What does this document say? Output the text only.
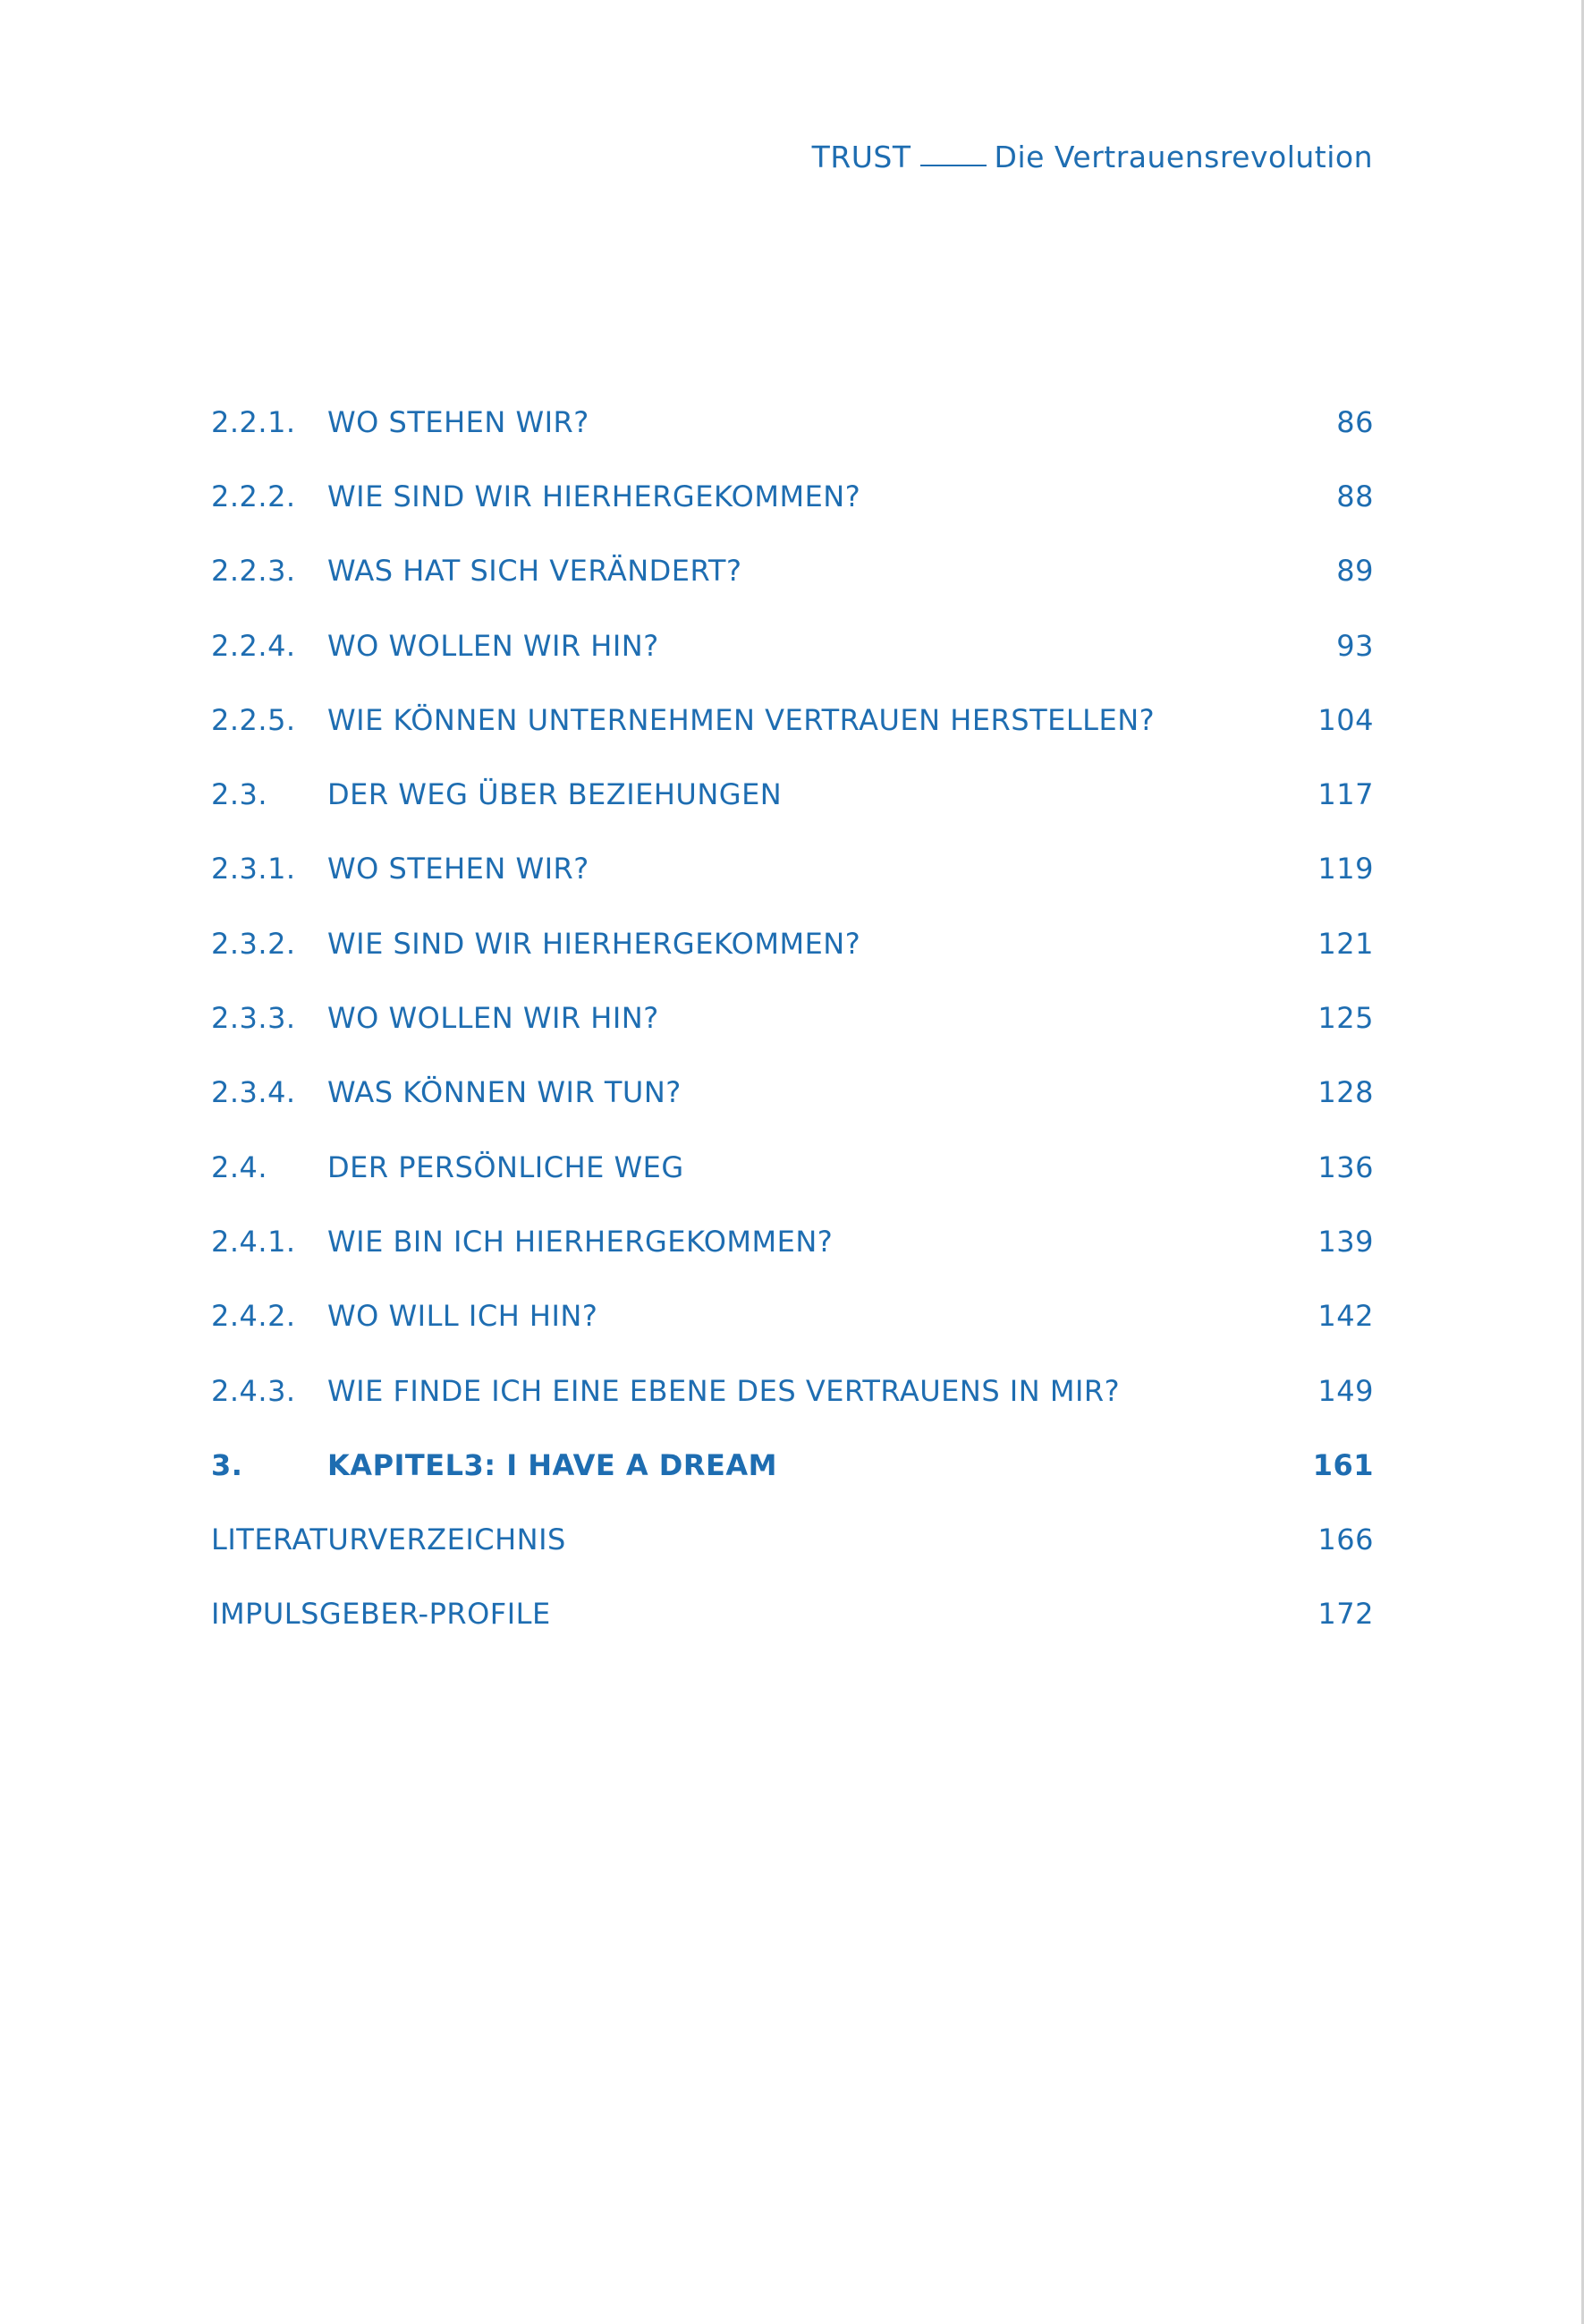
TRUST	Die Vertrauensrevolution
2.2.1.	WO STEHEN WIR?	86
2.2.2.	WIE SIND WIR HIERHERGEKOMMEN?	88
2.2.3.	WAS HAT SICH VERÄNDERT?	89
2.2.4.	WO WOLLEN WIR HIN?	93
2.2.5.	WIE KÖNNEN UNTERNEHMEN VERTRAUEN HERSTELLEN?	104
2.3.	DER WEG ÜBER BEZIEHUNGEN	117
2.3.1.	WO STEHEN WIR?	119
2.3.2.	WIE SIND WIR HIERHERGEKOMMEN?	121
2.3.3.	WO WOLLEN WIR HIN?	125
2.3.4.	WAS KÖNNEN WIR TUN?	128
2.4.	DER PERSÖNLICHE WEG	136
2.4.1.	WIE BIN ICH HIERHERGEKOMMEN?	139
2.4.2.	WO WILL ICH HIN?	142
2.4.3.	WIE FINDE ICH EINE EBENE DES VERTRAUENS IN MIR?	149
3.	KAPITEL3: I HAVE A DREAM	161
LITERATURVERZEICHNIS	166
IMPULSGEBER-PROFILE	172
